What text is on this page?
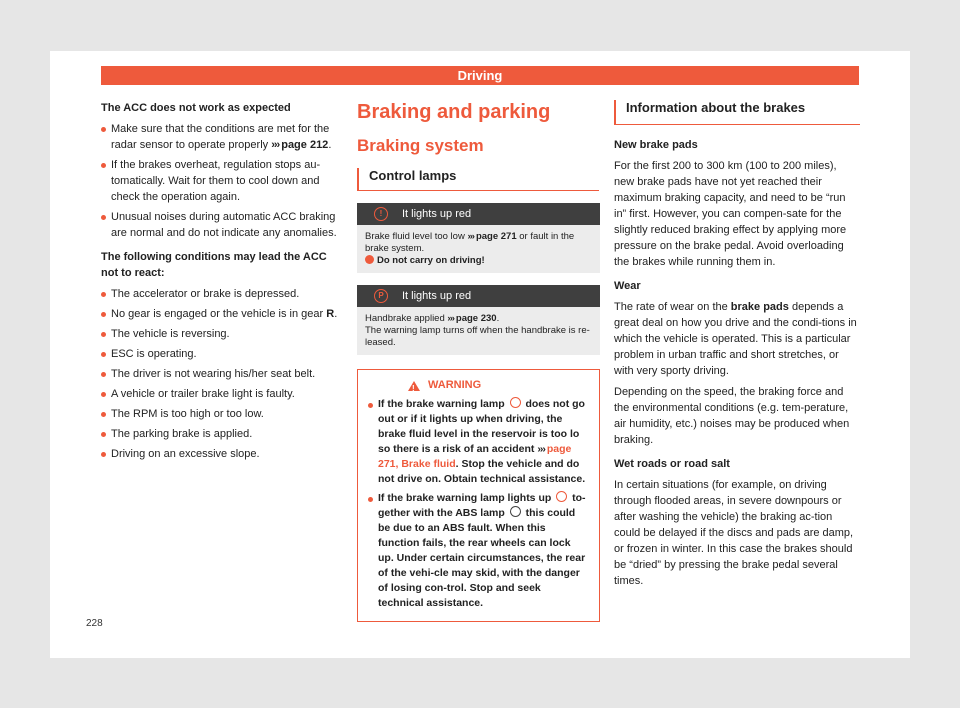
Driving

The ACC does not work as expected

Make sure that the conditions are met for the radar sensor to operate properly ››› page 212.
If the brakes overheat, regulation stops au-tomatically. Wait for them to cool down and check the operation again.
Unusual noises during automatic ACC braking are normal and do not indicate any anomalies.

The following conditions may lead the ACC not to react:

The accelerator or brake is depressed.
No gear is engaged or the vehicle is in gear R.
The vehicle is reversing.
ESC is operating.
The driver is not wearing his/her seat belt.
A vehicle or trailer brake light is faulty.
The RPM is too high or too low.
The parking brake is applied.
Driving on an excessive slope.
Braking and parking
Braking system
Control lamps
!	It lights up red
Brake fluid level too low ››› page 271 or fault in the brake system.
Do not carry on driving!
P	It lights up red
Handbrake applied ››› page 230.
The warning lamp turns off when the handbrake is re-leased.
!
WARNING
If the brake warning lamp does not go out or if it lights up when driving, the brake fluid level in the reservoir is too lo so there is a risk of an accident ››› page 271, Brake fluid. Stop the vehicle and do not drive on. Obtain technical assistance.
If the brake warning lamp lights up to-gether with the ABS lamp this could be due to an ABS fault. When this function fails, the rear wheels can lock up. Under certain circumstances, the rear of the vehi-cle may skid, with the danger of losing con-trol. Stop and seek technical assistance.
Information about the brakes

New brake pads

For the first 200 to 300 km (100 to 200 miles), new brake pads have not yet reached their maximum braking capacity, and need to be “run in” first. However, you can compen-sate for the slightly reduced braking effect by applying more pressure on the brake pedal. Avoid overloading the brakes while running them in.

Wear

The rate of wear on the brake pads depends a great deal on how you drive and the condi-tions in which the vehicle is operated. This is a particular problem in urban traffic and short stretches, or with very sporty driving.

Depending on the speed, the braking force and the environmental conditions (e.g. tem-perature, air humidity, etc.) noises may be produced when braking.

Wet roads or road salt

In certain situations (for example, on driving through flooded areas, in severe downpours or after washing the vehicle) the braking ac-tion could be delayed if the discs and pads are damp, or frozen in winter. In this case the brakes should be “dried” by pressing the brake pedal several times.

228
